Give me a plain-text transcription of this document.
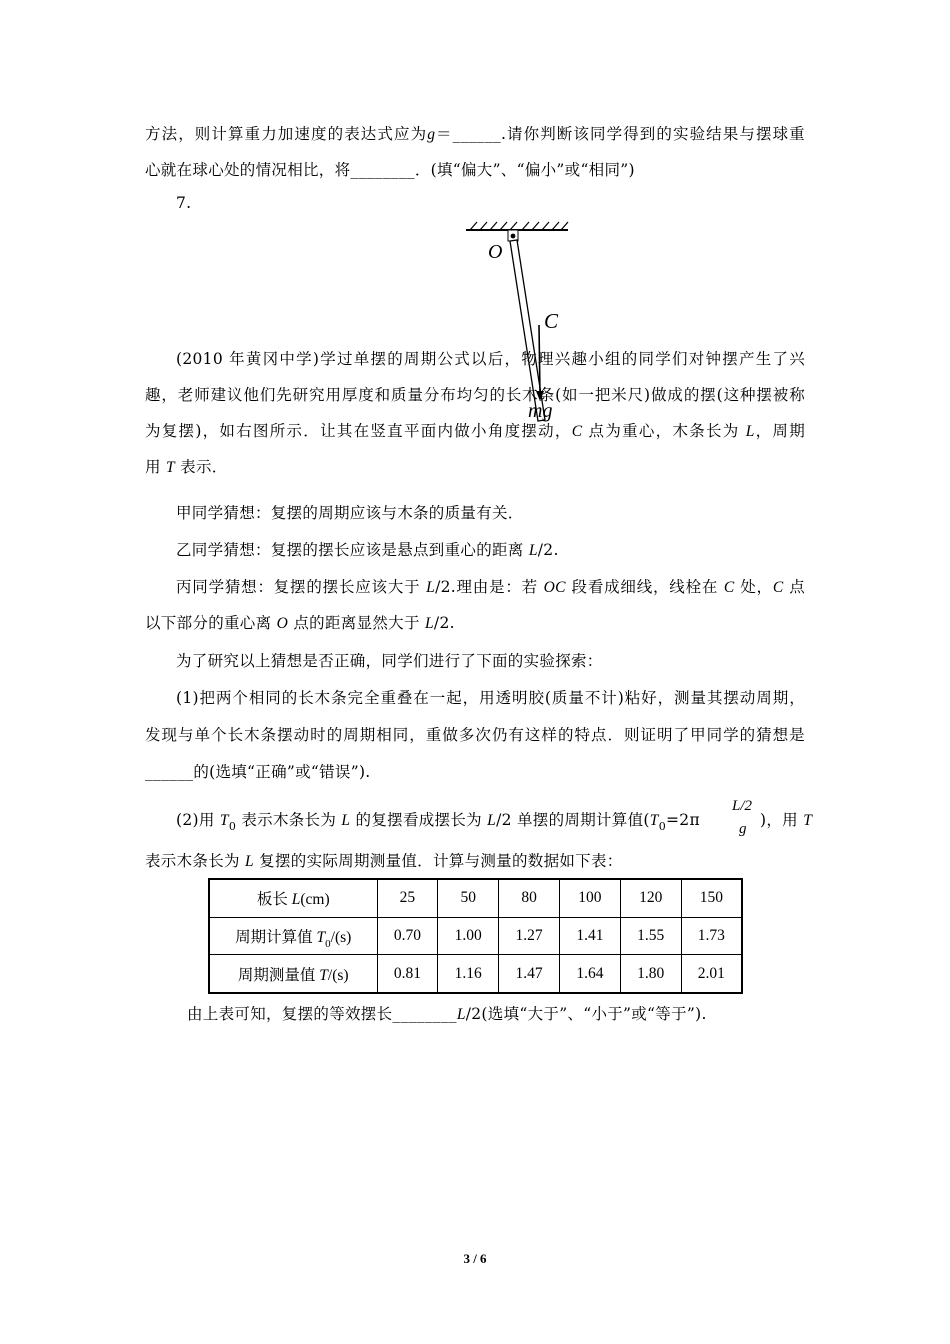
方法，则计算重力加速度的表达式应为g＝______.请你判断该同学得到的实验结果与摆球重
心就在球心处的情况相比，将________．(填“偏大”、“偏小”或“相同”)
7.
O
C
mg
(2010 年黄冈中学)学过单摆的周期公式以后，物理兴趣小组的同学们对钟摆产生了兴
趣，老师建议他们先研究用厚度和质量分布均匀的长木条(如一把米尺)做成的摆(这种摆被称
为复摆)，如右图所示．让其在竖直平面内做小角度摆动，C 点为重心，木条长为 L，周期
用 T 表示．
甲同学猜想：复摆的周期应该与木条的质量有关．
乙同学猜想：复摆的摆长应该是悬点到重心的距离 L/2.
丙同学猜想：复摆的摆长应该大于 L/2.理由是：若 OC 段看成细线，线栓在 C 处，C 点
以下部分的重心离 O 点的距离显然大于 L/2.
为了研究以上猜想是否正确，同学们进行了下面的实验探索：
(1)把两个相同的长木条完全重叠在一起，用透明胶(质量不计)粘好，测量其摆动周期，
发现与单个长木条摆动时的周期相同，重做多次仍有这样的特点．则证明了甲同学的猜想是
______的(选填“正确”或“错误”).
(2)用 $T_0$ 表示木条长为 L 的复摆看成摆长为 L/2 单摆的周期计算值($T_0=2\pi$
L/2
g )，用 T
表示木条长为 L 复摆的实际周期测量值．计算与测量的数据如下表：
板长 L(cm)	25	50	80	100	120	150
周期计算值 $T_0/(s)$	0.70	1.00	1.27	1.41	1.55	1.73
周期测量值 T/(s)	0.81	1.16	1.47	1.64	1.80	2.01
由上表可知，复摆的等效摆长________L/2(选填“大于”、“小于”或“等于”).
3 / 6
